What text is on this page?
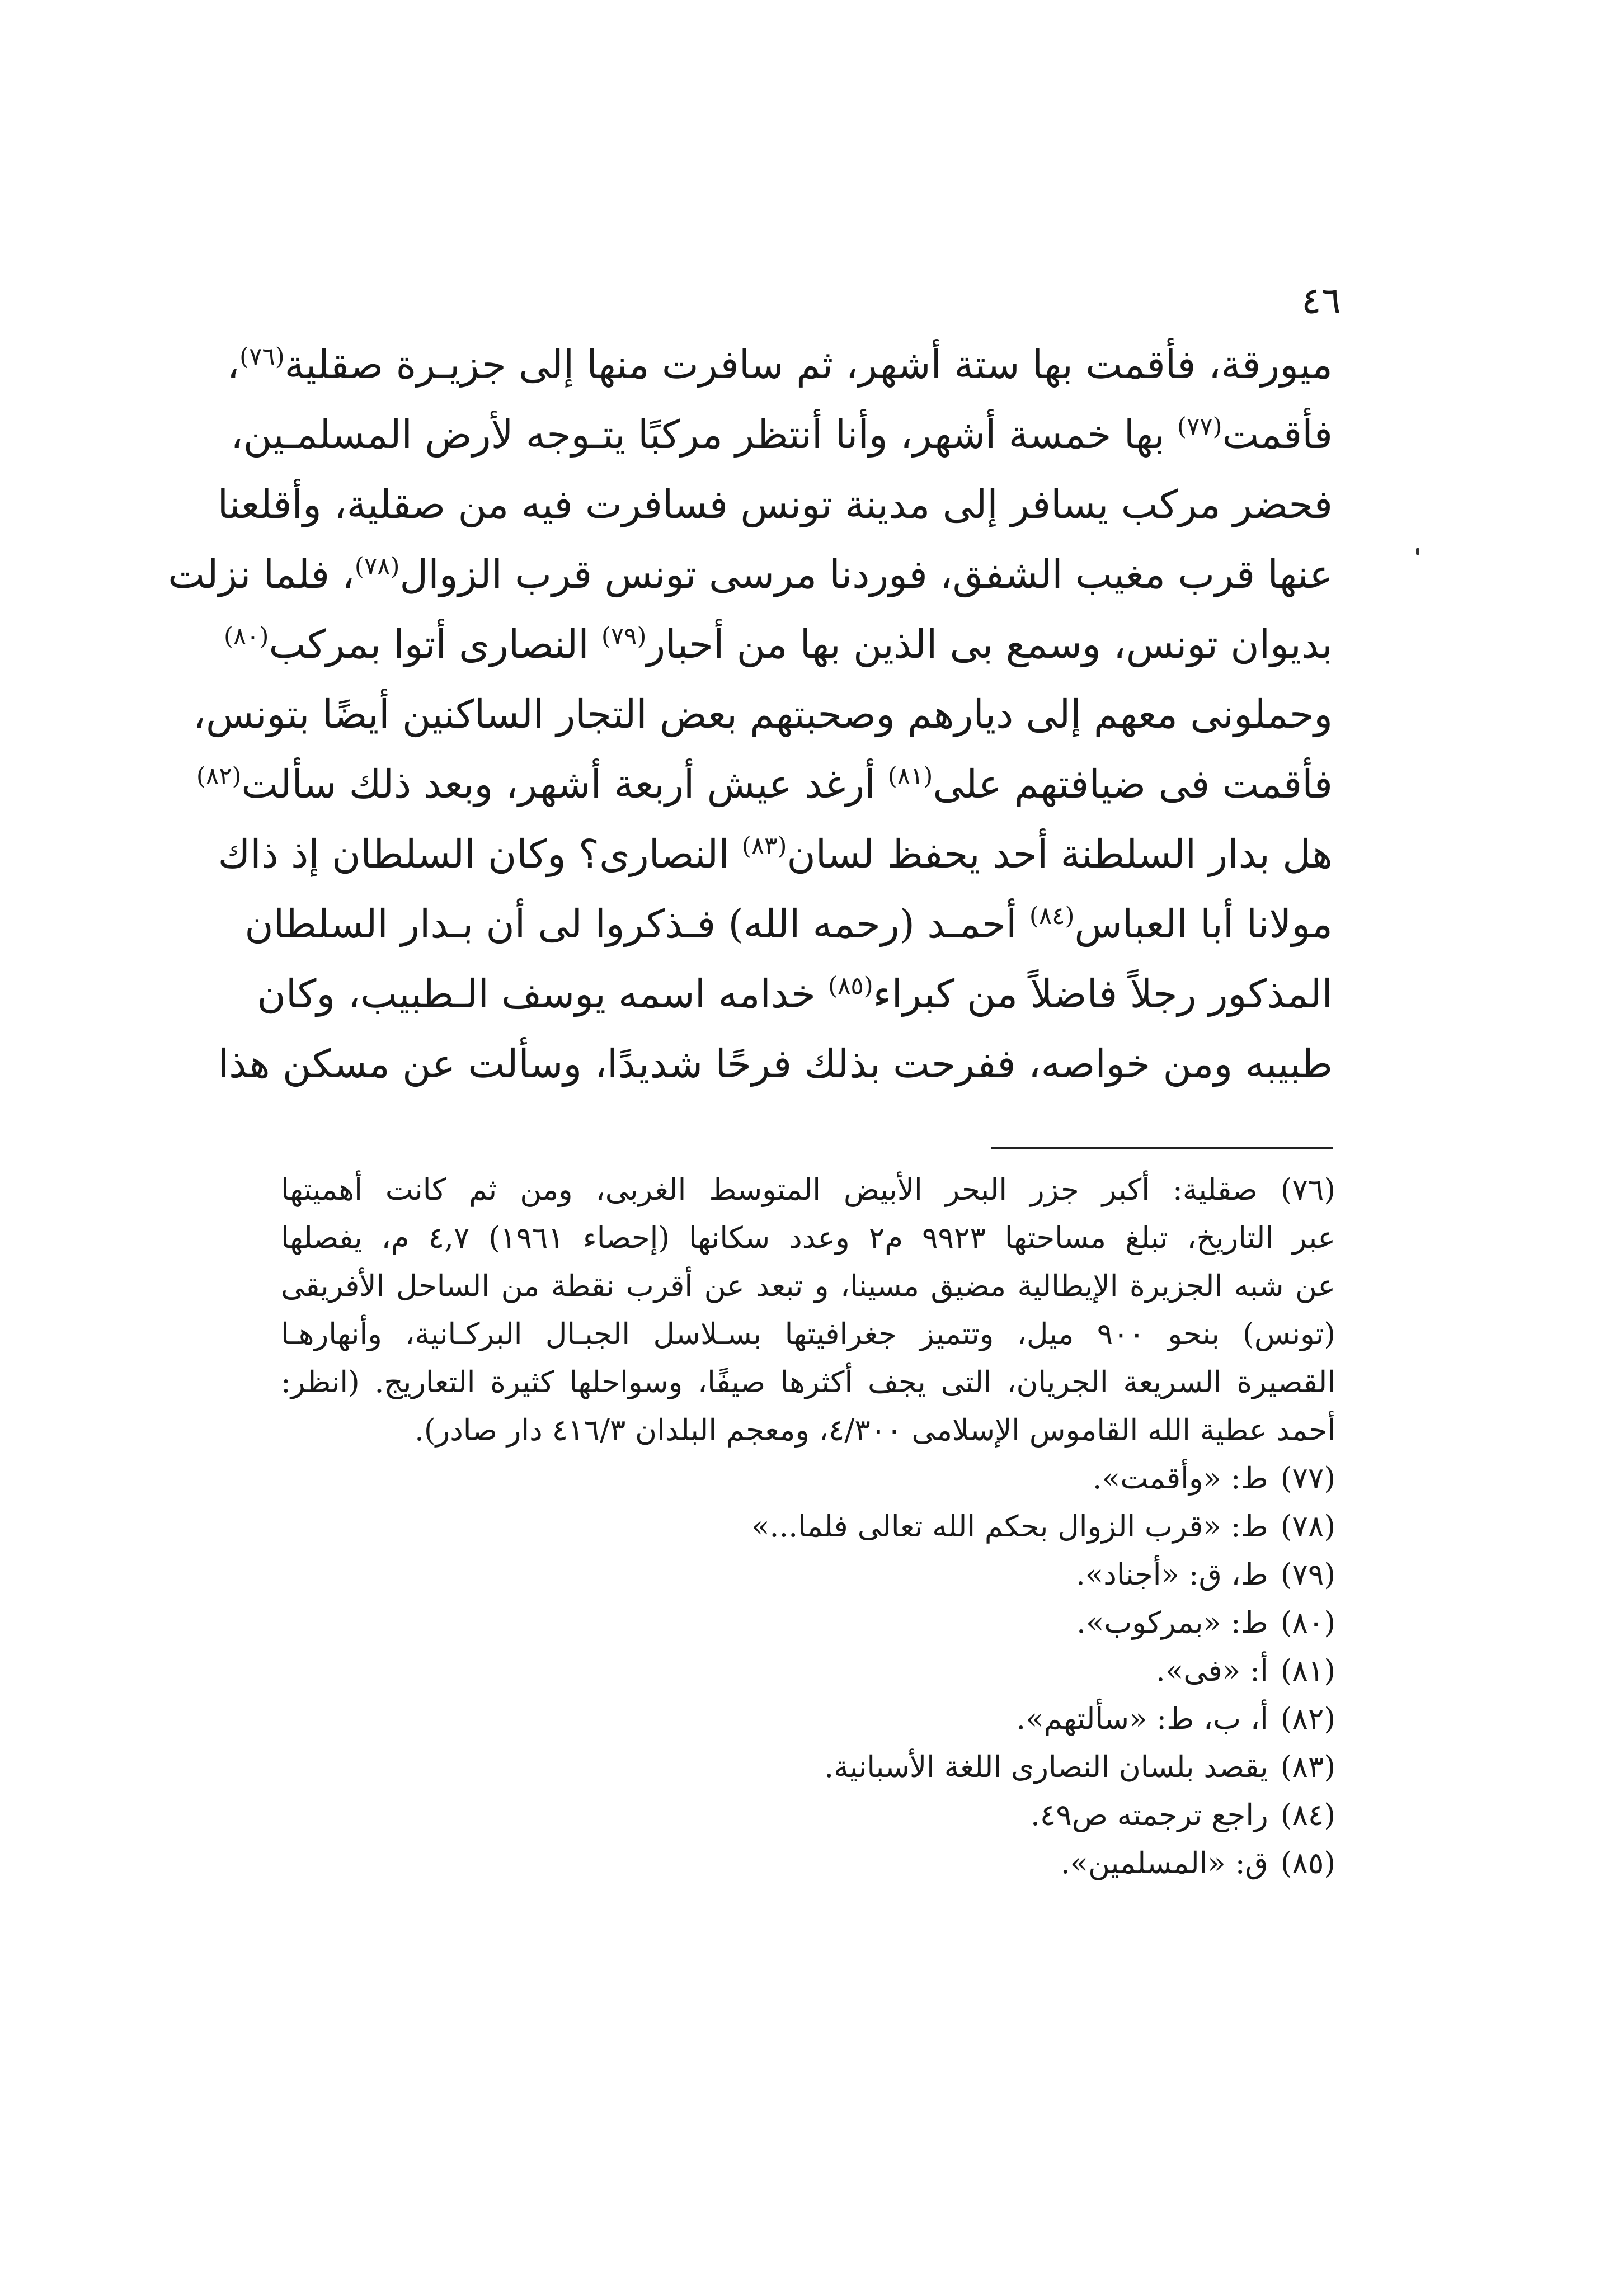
٤٦
ميورقة، فأقمت بها ستة أشهر، ثم سافرت منها إلى جزيـرة صقلية$^{(٧٦)}$،
فأقمت$^{(٧٧)}$ بها خمسة أشهر، وأنا أنتظر مركبًا يتـوجه لأرض المسلمـين،
فحضر مركب يسافر إلى مدينة تونس فسافرت فيه من صقلية، وأقلعنا
عنها قرب مغيب الشفق، فوردنا مرسى تونس قرب الزوال$^{(٧٨)}$، فلما نزلت
بديوان تونس، وسمع بى الذين بها من أحبار$^{(٧٩)}$ النصارى أتوا بمركب$^{(٨٠)}$
وحملونى معهم إلى ديارهم وصحبتهم بعض التجار الساكنين أيضًا بتونس،
فأقمت فى ضيافتهم على$^{(٨١)}$ أرغد عيش أربعة أشهر، وبعد ذلك سألت$^{(٨٢)}$
هل بدار السلطنة أحد يحفظ لسان$^{(٨٣)}$ النصارى؟ وكان السلطان إذ ذاك
مولانا أبا العباس$^{(٨٤)}$ أحمـد (رحمه الله) فـذكروا لى أن بـدار السلطان
المذكور رجلاً فاضلاً من كبراء$^{(٨٥)}$ خدامه اسمه يوسف الـطبيب، وكان
طبيبه ومن خواصه، ففرحت بذلك فرحًا شديدًا، وسألت عن مسكن هذا
(٧٦) صقلية: أكبر جزر البحر الأبيض المتوسط الغربى، ومن ثم كانت أهميتها
عبر التاريخ، تبلغ مساحتها ٩٩٢٣ م٢ وعدد سكانها (إحصاء ١٩٦١) ٤,٧ م، يفصلها
عن شبه الجزيرة الإيطالية مضيق مسينا، و تبعد عن أقرب نقطة من الساحل الأفريقى
(تونس) بنحو ٩٠٠ ميل، وتتميز جغرافيتها بسـلاسل الجبـال البركـانية، وأنهارهـا
القصيرة السريعة الجريان، التى يجف أكثرها صيفًا، وسواحلها كثيرة التعاريج. (انظر:
أحمد عطية الله القاموس الإسلامى ٤/٣٠٠، ومعجم البلدان ٤١٦/٣ دار صادر).
(٧٧)ط: «وأقمت».
(٧٨)ط: «قرب الزوال بحكم الله تعالى فلما...»
(٧٩)ط، ق: «أجناد».
(٨٠)ط: «بمركوب».
(٨١)أ: «فى».
(٨٢)أ، ب، ط: «سألتهم».
(٨٣)يقصد بلسان النصارى اللغة الأسبانية.
(٨٤)راجع ترجمته ص٤٩.
(٨٥)ق: «المسلمين».
